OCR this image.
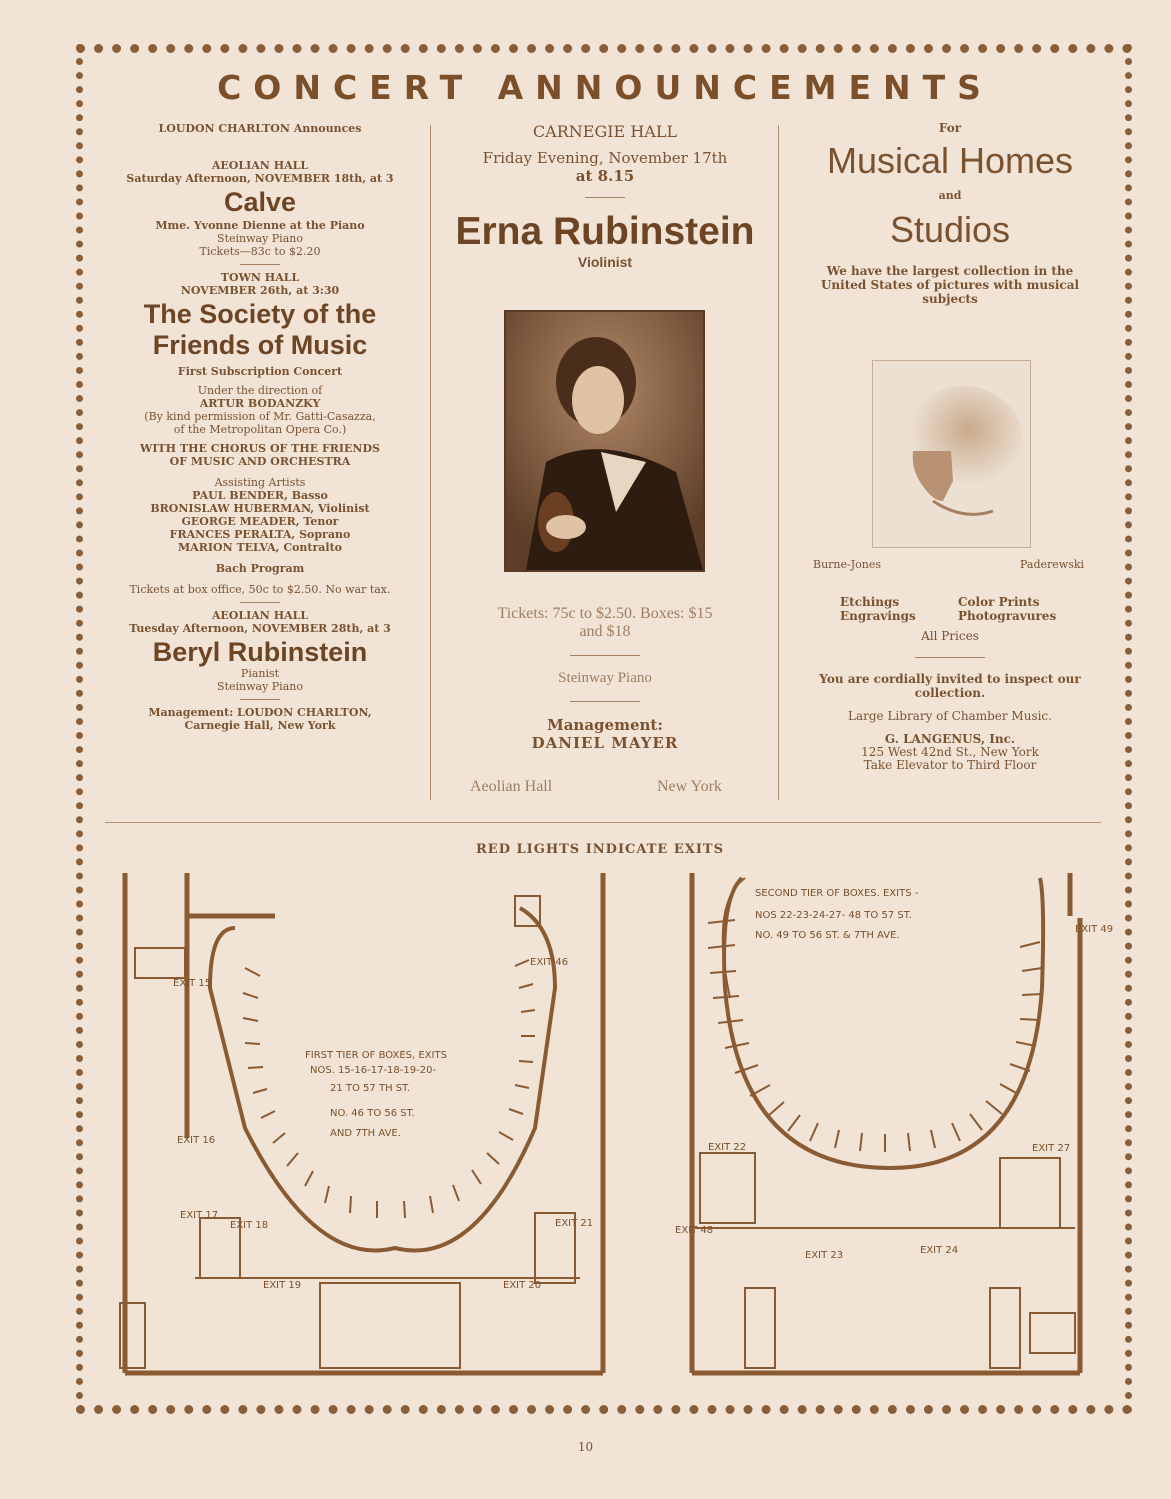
CONCERT ANNOUNCEMENTS
LOUDON CHARLTON Announces
AEOLIAN HALL
Saturday Afternoon, NOVEMBER 18th, at 3
Calve
Mme. Yvonne Dienne at the Piano
Steinway Piano
Tickets—83c to $2.20
TOWN HALL
NOVEMBER 26th, at 3:30
The Society of the
Friends of Music
First Subscription Concert
Under the direction of
ARTUR BODANZKY
(By kind permission of Mr. Gatti-Casazza,
of the Metropolitan Opera Co.)
WITH THE CHORUS OF THE FRIENDS
OF MUSIC AND ORCHESTRA
Assisting Artists
PAUL BENDER, Basso
BRONISLAW HUBERMAN, Violinist
GEORGE MEADER, Tenor
FRANCES PERALTA, Soprano
MARION TELVA, Contralto
Bach Program
Tickets at box office, 50c to $2.50. No war tax.
AEOLIAN HALL
Tuesday Afternoon, NOVEMBER 28th, at 3
Beryl Rubinstein
Pianist
Steinway Piano
Management: LOUDON CHARLTON,
Carnegie Hall, New York
CARNEGIE HALL
Friday Evening, November 17th
at 8.15
Erna Rubinstein
Violinist
Tickets: 75c to $2.50. Boxes: $15
and $18
Steinway Piano
Management:
DANIEL MAYER
Aeolian Hall	New York
For
Musical Homes
and
Studios
We have the largest collection in the United States of pictures with musical subjects
Burne-Jones	Paderewski
Etchings	Color Prints
Engravings	Photogravures
All Prices
You are cordially invited to inspect our collection.
Large Library of Chamber Music.
G. LANGENUS, Inc.
125 West 42nd St., New York
Take Elevator to Third Floor
RED LIGHTS INDICATE EXITS
FIRST TIER OF BOXES, EXITS
NOS. 15-16-17-18-19-20-
21 TO 57 TH ST.
NO. 46 TO 56 ST.
AND 7TH AVE.
EXIT 15
EXIT 16
EXIT 17
EXIT 18
EXIT 19	EXIT 20
EXIT 21
EXIT 46
SECOND TIER OF BOXES. EXITS -
NOS 22-23-24-27- 48 TO 57 ST.
NO. 49 TO 56 ST. & 7TH AVE.
EXIT 22
EXIT 23	EXIT 24
EXIT 27
EXIT 48
EXIT 49
10
